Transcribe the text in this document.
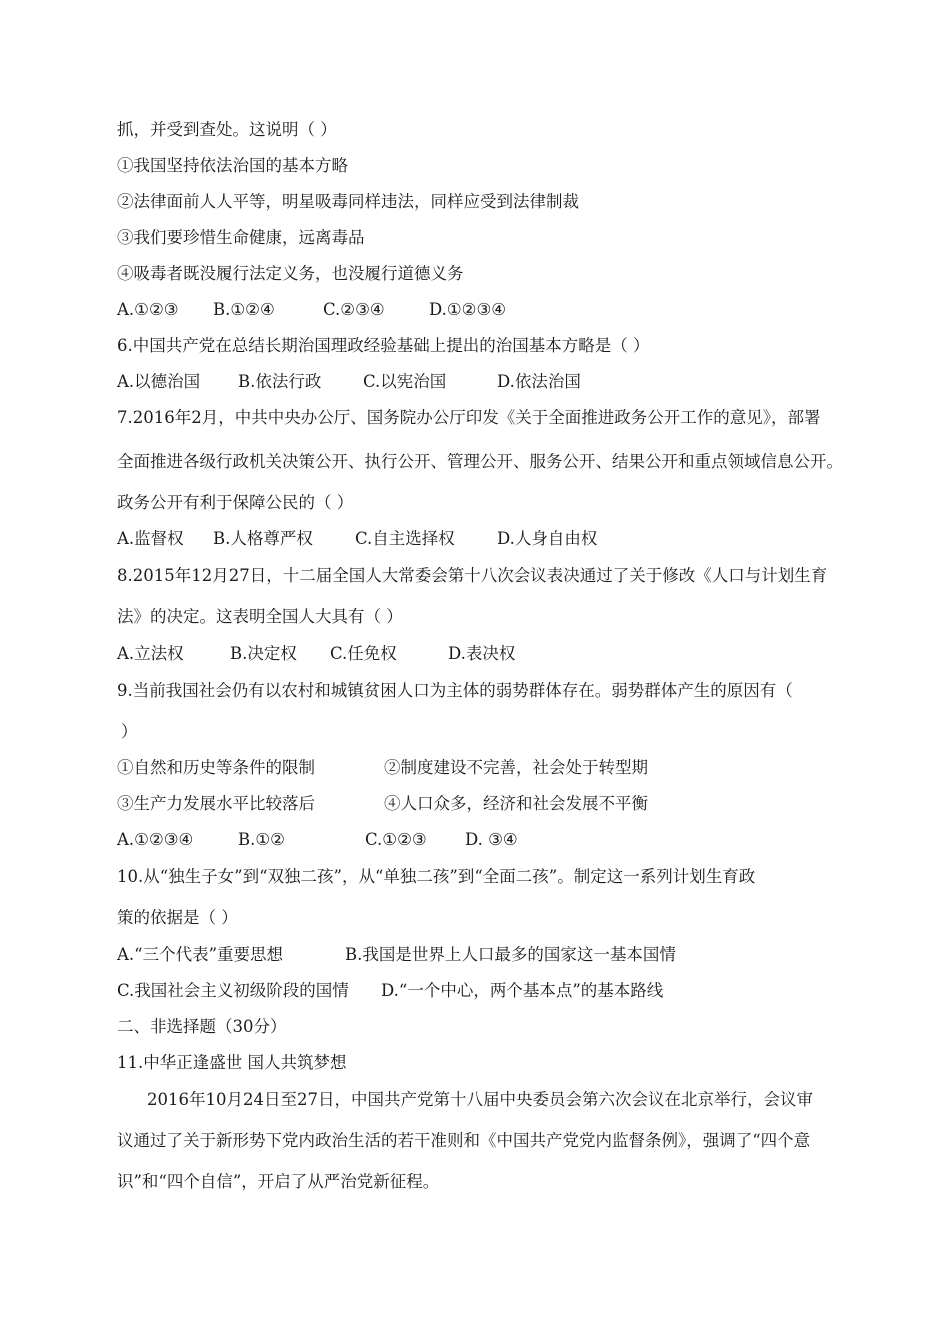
抓，并受到查处。这说明（ ）
①我国坚持依法治国的基本方略
②法律面前人人平等，明星吸毒同样违法，同样应受到法律制裁
③我们要珍惜生命健康，远离毒品
④吸毒者既没履行法定义务，也没履行道德义务
A.①②③ B.①②④	C.②③④	D.①②③④
6.中国共产党在总结长期治国理政经验基础上提出的治国基本方略是（ ）
A.以德治国 B.依法行政	C.以宪治国	D.依法治国
7.2016年2月，中共中央办公厅、国务院办公厅印发《关于全面推进政务公开工作的意见》，部署
全面推进各级行政机关决策公开、执行公开、管理公开、服务公开、结果公开和重点领域信息公开。
政务公开有利于保障公民的（ ）
A.监督权 B.人格尊严权	C.自主选择权	D.人身自由权
8.2015年12月27日，十二届全国人大常委会第十八次会议表决通过了关于修改《人口与计划生育
法》的决定。这表明全国人大具有（ ）
A.立法权	B.决定权 C.任免权	D.表决权
9.当前我国社会仍有以农村和城镇贫困人口为主体的弱势群体存在。弱势群体产生的原因有（
）
①自然和历史等条件的限制	②制度建设不完善，社会处于转型期
③生产力发展水平比较落后	④人口众多，经济和社会发展不平衡
A.①②③④	B.①②	C.①②③ D. ③④
10.从“独生子女”到“双独二孩”，从“单独二孩”到“全面二孩”。制定这一系列计划生育政
策的依据是（ ）
A.“三个代表”重要思想	B.我国是世界上人口最多的国家这一基本国情
C.我国社会主义初级阶段的国情 D.“一个中心，两个基本点”的基本路线
二、非选择题（30分）
11.中华正逢盛世 国人共筑梦想
2016年10月24日至27日，中国共产党第十八届中央委员会第六次会议在北京举行，会议审
议通过了关于新形势下党内政治生活的若干准则和《中国共产党党内监督条例》，强调了“四个意
识”和“四个自信”，开启了从严治党新征程。
